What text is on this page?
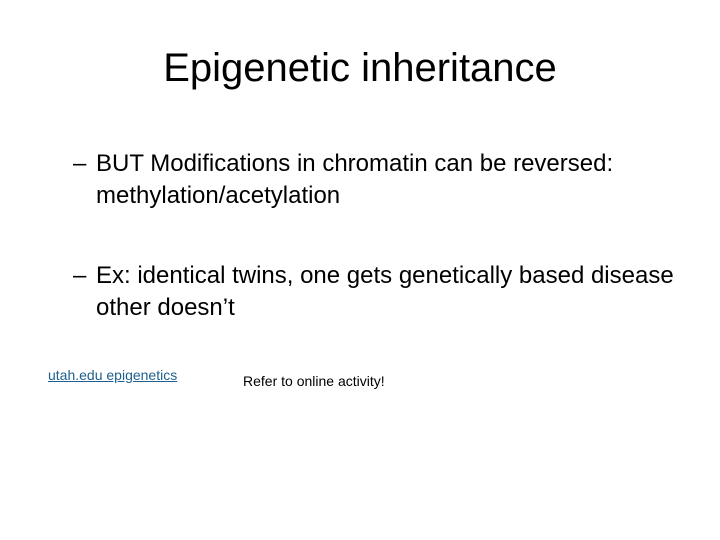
Epigenetic inheritance
– BUT Modifications in chromatin can be reversed: methylation/acetylation
– Ex: identical twins, one gets genetically based disease other doesn’t
utah.edu epigenetics	Refer to online activity!
